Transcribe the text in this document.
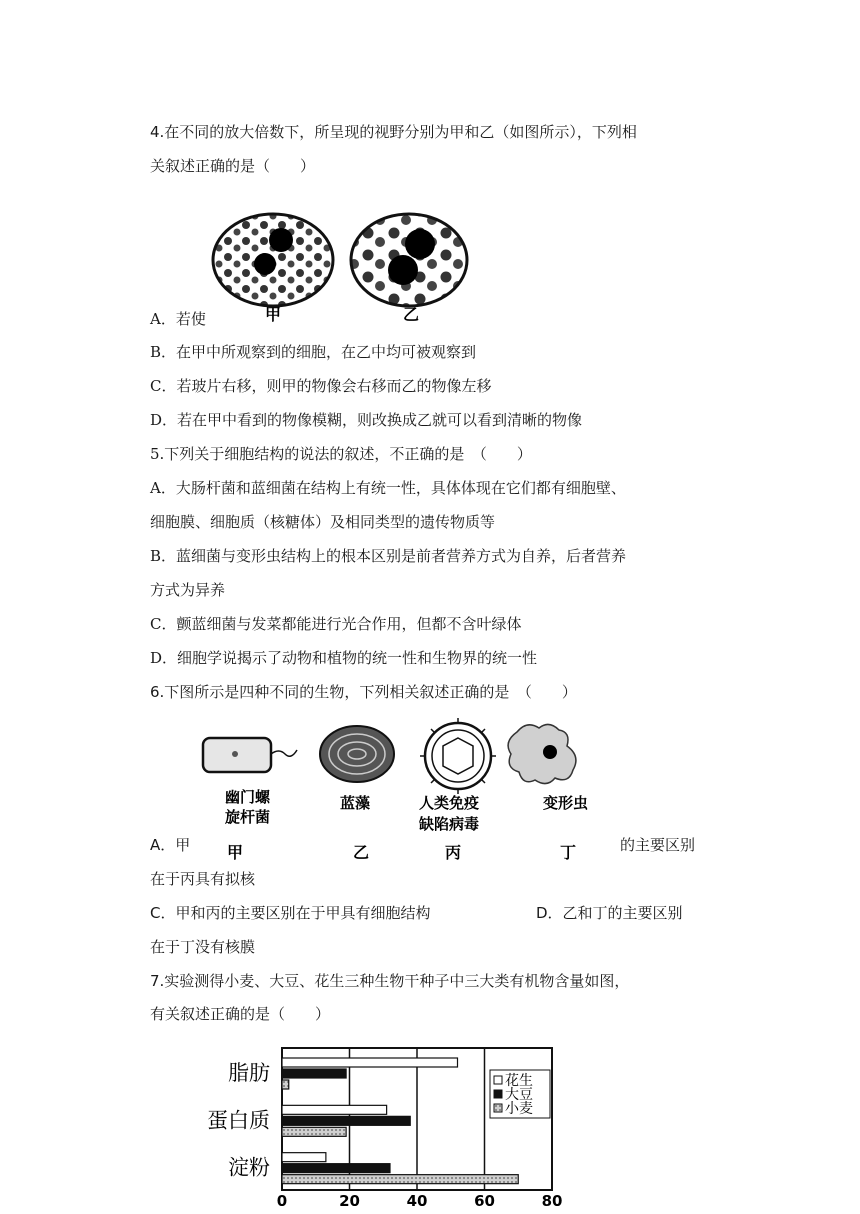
4.在不同的放大倍数下，所呈现的视野分别为甲和乙（如图所示），下列相
关叙述正确的是（　　）
甲	乙
A．若使
B．在甲中所观察到的细胞，在乙中均可被观察到
C．若玻片右移，则甲的物像会右移而乙的物像左移
D．若在甲中看到的物像模糊，则改换成乙就可以看到清晰的物像
5.下列关于细胞结构的说法的叙述，不正确的是　（　　）
A．大肠杆菌和蓝细菌在结构上有统一性，具体体现在它们都有细胞壁、
细胞膜、细胞质（核糖体）及相同类型的遗传物质等
B．蓝细菌与变形虫结构上的根本区别是前者营养方式为自养，后者营养
方式为异养
C．颤蓝细菌与发菜都能进行光合作用，但都不含叶绿体
D．细胞学说揭示了动物和植物的统一性和生物界的统一性
6.下图所示是四种不同的生物，下列相关叙述正确的是　（　　）
幽门螺
旋杆菌
蓝藻	人类免疫
缺陷病毒
变形虫
甲	乙	丙	丁
A．甲	的主要区别
在于丙具有拟核
C．甲和丙的主要区别在于甲具有细胞结构	D．乙和丁的主要区别
在于丁没有核膜
7.实验测得小麦、大豆、花生三种生物干种子中三大类有机物含量如图，
有关叙述正确的是（　　）
0	20	40	60	80
脂肪
蛋白质
淀粉
花生
大豆
小麦
